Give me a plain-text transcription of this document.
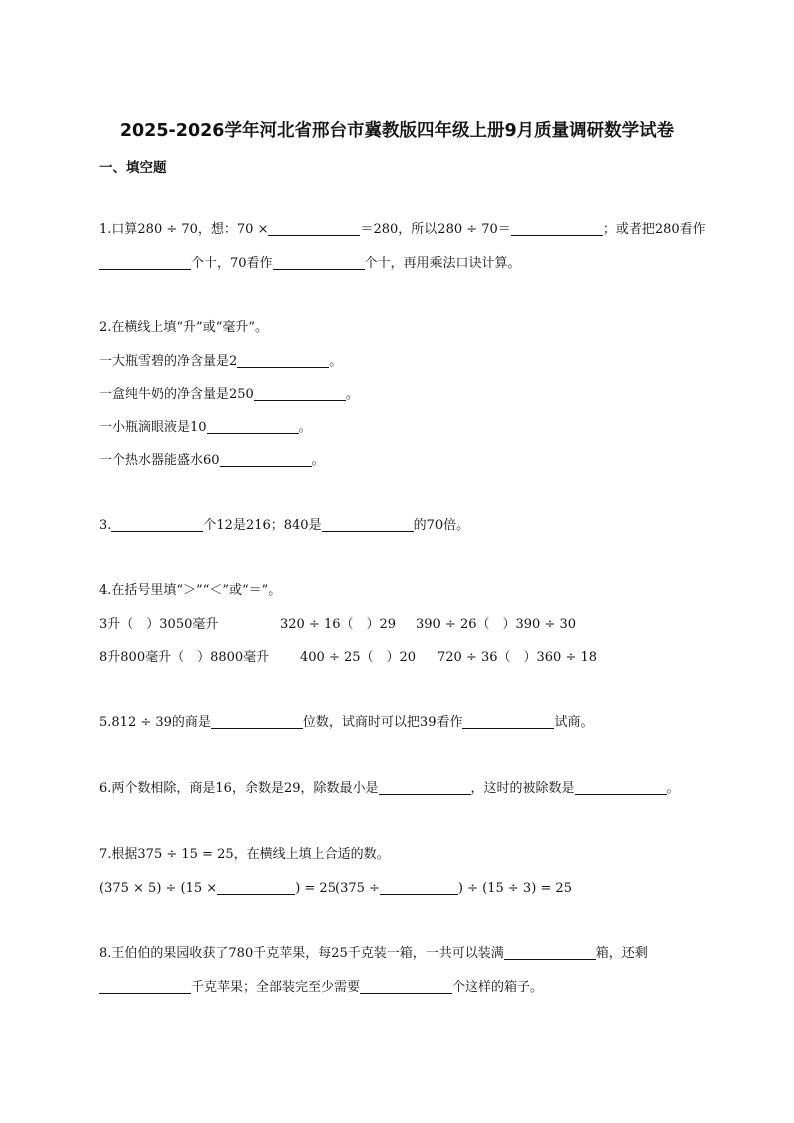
2025-2026学年河北省邢台市冀教版四年级上册9月质量调研数学试卷
一、填空题
1.口算280 ÷ 70，想：70 ×	＝280，所以280 ÷ 70＝	；或者把280看作
个十，70看作	个十，再用乘法口诀计算。
2.在横线上填“升”或“毫升”。
一大瓶雪碧的净含量是2	。
一盒纯牛奶的净含量是250	。
一小瓶滴眼液是10	。
一个热水器能盛水60	。
3.	个12是216；840是	的70倍。
4.在括号里填“＞”“＜”或“＝”。
3升（　）3050毫升	320 ÷ 16（　）29 390 ÷ 26（　）390 ÷ 30
8升800毫升（　）8800毫升 400 ÷ 25（　）20 720 ÷ 36（　）360 ÷ 18
5.812 ÷ 39的商是	位数，试商时可以把39看作	试商。
6.两个数相除，商是16，余数是29，除数最小是	，这时的被除数是	。
7.根据375 ÷ 15 = 25，在横线上填上合适的数。
(375 × 5) ÷ (15 ×	) = 25 (375 ÷	) ÷ (15 ÷ 3) = 25
8.王伯伯的果园收获了780千克苹果，每25千克装一箱，一共可以装满	箱，还剩
千克苹果；全部装完至少需要	个这样的箱子。
